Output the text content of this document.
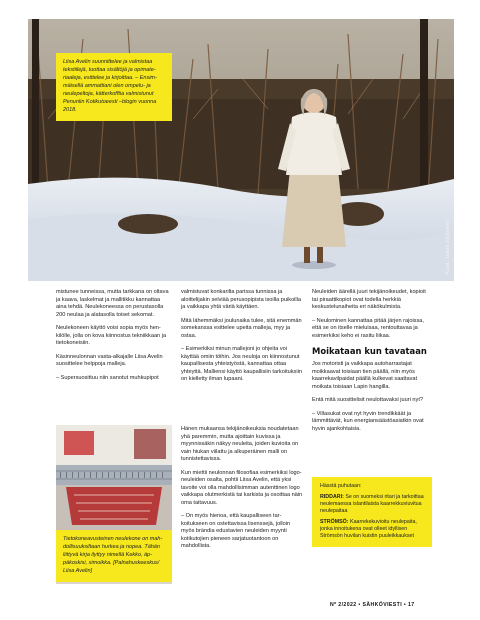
Kuva: Jaana Vilpponen
Liisa Avelin suunnittelee ja valmistaa tekstiilejä, tuottaa sisältöjä ja opimateriaaleja, esittelee ja kirjoittaa. – Ensimmäisellä ammattiani olen ompelu- ja neulepeltoja, kätterkofftia valmistunut Penunlin Kotikutoeesti –blogin vuonna 2018.

mistunee tunneissa, mutta tarkkana on oltava ja kaava, laskelmat ja mallitikku kannattaa aina tehdä. Neulekoneessa on perustasolla 200 neulaa ja alatasolla toiset sekomat.

Neulekoneen käyttö voisi sopia myös henkilölle, jolla on kova kiinnostus tekniikkaan ja tietokoneisiin.

Käsinneulonnan vasta-alkajalle Liisa Avelin suosittelee helppoja malleja.

– Supersuosittuu niin sanotut muhkupipot

Tietokoneavusteinen neulekone on mahdollisuuksiltaan hurkea ja nopea. Tähän liittyvä kirja ilyttyy nimellä Kekko, äppäkoskisi, ximoikka. [Palnahuskeeskus/ Liisa Avelin]

valmistuvat konkarilta parissa tunnissa ja aloittelijakin selviää perusopipista isoilla puikoilla ja vaikkapa yhtä väriä käyttäen.

Mitä lähemmäksi joulunaika tulee, sitä enemmän somekanssa esittelee upeita malleja, myy ja ostaa.

– Esimerkiksi minun mallejoni jo ohjeita voi käyttää omiin töihin. Jos neuloja on kiinnostunut kaupallisesta yhteistyöstä, kannattaa ottaa yhteyttä. Malliensi käyttö kaupallisiin tarkoituksiin on kielletty ilman lupaani.

Hänen mukaansa tekijänoikeuksia noudatetaan yhä paremmin, mutta ajoittain kuvissa ja myynnissäkin näkyy neuleita, joiden kuvioita on vain hiukan viilattu ja alkuperäinen malli on tunnistettavissa.

Kun miettii neulonnan filosofiaa esimerkiksi logo-neuleiden osalta, pohtii Liisa Avelin, että yksi tavoite voi olla mahdollisimman autenttinen logo vaikkapa olutmerkistä tai karkista ja osoittaa näin oma taitavuus.

– On myös hienoa, että kaupalliseen tarkoitukseen on ostettavissa lisenssejä, jolloin myös brändia edustavien neuleiden myynti kotikutojien pieneen sarjatuotantoon on mahdollista.

Neuleiden äärellä juuri tekijänoikeudet, kopioit tai piraattikopiot ovat todella herkkiä keskustelunaiheita eri näkökulmista.

– Neulominen kannattaa pitää järjen rajoissa, että se on itselle mieluisaa, rentouttavaa ja esimerkiksi keho ei rasitu liikaa.

Moikataan kun tavataan

Jos motoristi ja vaikkapa autoharrastajat moikkaavat toisiaan tien päällä, niin myös kaarrekavilpaidat päällä kulkevat saattavat moikata toisiaan Lapin hangilla.

Entä mitä suosittelisit neulottavaksi juuri nyt?

– Villasukat ovat nyt hyvin trendikkäät ja lämmittävät, kun energiansäästöasiatkin ovat hyvin ajankohtaisia.

Hässtä puhutaan:

RIDDARI: Se on suomeksi ritari ja tarkoittaa neulemaessa islantilaista kaarrekkuviuvitua neulepaitaa

STRÖMSÖ: Kaarrekekuvioitu neulepaita, jonka innoitukena ovat olleet idyllisen Strömsön huvilan kuistin puuleikkaukset

Nº 2/2022 • SÄHKÖVIESTI • 17
